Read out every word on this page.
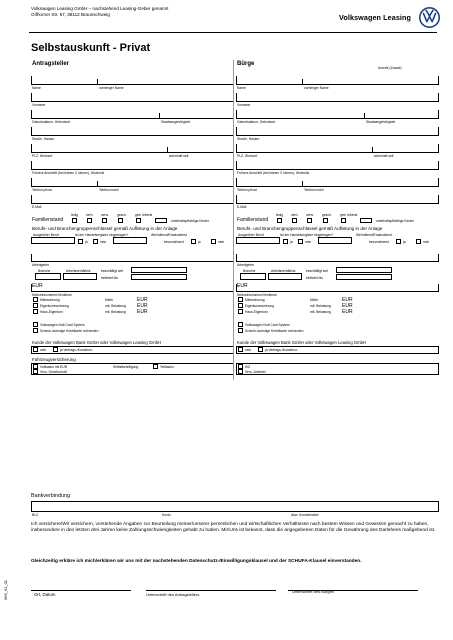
Volkswagen Leasing GmbH – nachstehend Leasing-Geber genannt
Gifhorner Str. 57, 38112 Braunschweig	Volkswagen Leasing
Selbstauskunft - Privat
Antragsteller
Name	vorheriger Name
Vorname
Geburtsdatum, Geburtsort	Staatsangehörigkeit
Straße, Hausnr.
PLZ, Wohnort	wohnhaft seit
Frühere Anschrift (bei letzten 3 Jahren), Wohnsitz
Telefon privat	Telefon mobil
E-Mail
Familienstand
ledig verh. verw.	gesch.	getr. lebend
unterhaltspflichtige Kinder
Berufs- und Branchengruppenschlüssel gemäß Auflistung in der Anlage
Ausgeübter Beruf	Ist der Handelsregister eingetragen?	Wehrdienst/Ersatzdienst
ja	nein	bevorstehend	ja	nein
Arbeitgeber
Branche	Arbeitsverhältnis	beschäftigt seit
befristet bis
EUR
Nettoeinkommen/Verdienst
Mietwohnung	Miete	EUR
Eigentumswohnung	mtl. Belastung EUR
Haus-Eigentum	mtl. Belastung EUR
Volkswagen Nutt Card System
Scheck-/sonstige Kreditkarte vorhanden
Kunde der Volkswagen Bank GmbH oder Volkswagen Leasing GmbH
nein	ja Vertrags-/Kundennr.
Fahrzeugversicherung
Vollkasko mit EUR	Selbstbeteiligung	Teilkasko
Vers.-Gesellschaft
Bürge
Anrede (Zusatz)
Name	vorheriger Name
Vorname
Geburtsdatum, Geburtsort	Staatsangehörigkeit
Straße, Hausnr.
PLZ, Wohnort	wohnhaft seit
Frühere Anschrift (bei letzten 3 Jahren), Wohnsitz
Telefon privat	Telefon mobil
E-Mail
Familienstand
ledig verh. verw.	gesch.	getr. lebend
unterhaltspflichtige Kinder
Berufs- und Branchengruppenschlüssel gemäß Auflistung in der Anlage
Ausgeübter Beruf	Ist der Handelsregister eingetragen?	Wehrdienst/Ersatzdienst
ja	nein	bevorstehend	ja	nein
Arbeitgeber
Branche	Arbeitsverhältnis	beschäftigt seit
befristet bis
EUR
Nettoeinkommen/Verdienst
Mietwohnung	Miete	EUR
Eigentumswohnung	mtl. Belastung EUR
Haus-Eigentum	mtl. Belastung EUR
Volkswagen Nutt Card System
Scheck-/sonstige Kreditkarte vorhanden
Kunde der Volkswagen Bank GmbH oder Volkswagen Leasing GmbH
nein	ja Vertrags-/Kundennr.
KfZ
Vers.-Anbieter
Bankverbindung
BLZ	Konto	Abw. Kontoinhaber
Ich versichere/Wir versichern, vorstehende Angaben zur Beurteilung meiner/unserer persönlichen und wirtschaftlichen Verhältnisse nach bestem Wissen und Gewissen gemacht zu haben, insbesondere in den letzten drei Jahren keine Zahlungsschwierigkeiten gehabt zu haben. Mir/Uns ist bekannt, dass die angegebenen Daten für die Gewährung des Darlehens maßgebend ist.
Gleichzeitig erkläre ich mich/erklären wir uns mit der nachstehenden Datenschutz-/Einwilligungsklausel und der SCHUFA-Klausel einverstanden.
Ort, Datum	Unterschrift des Antragstellers
Unterschrift des Bürgen
066_01_01
